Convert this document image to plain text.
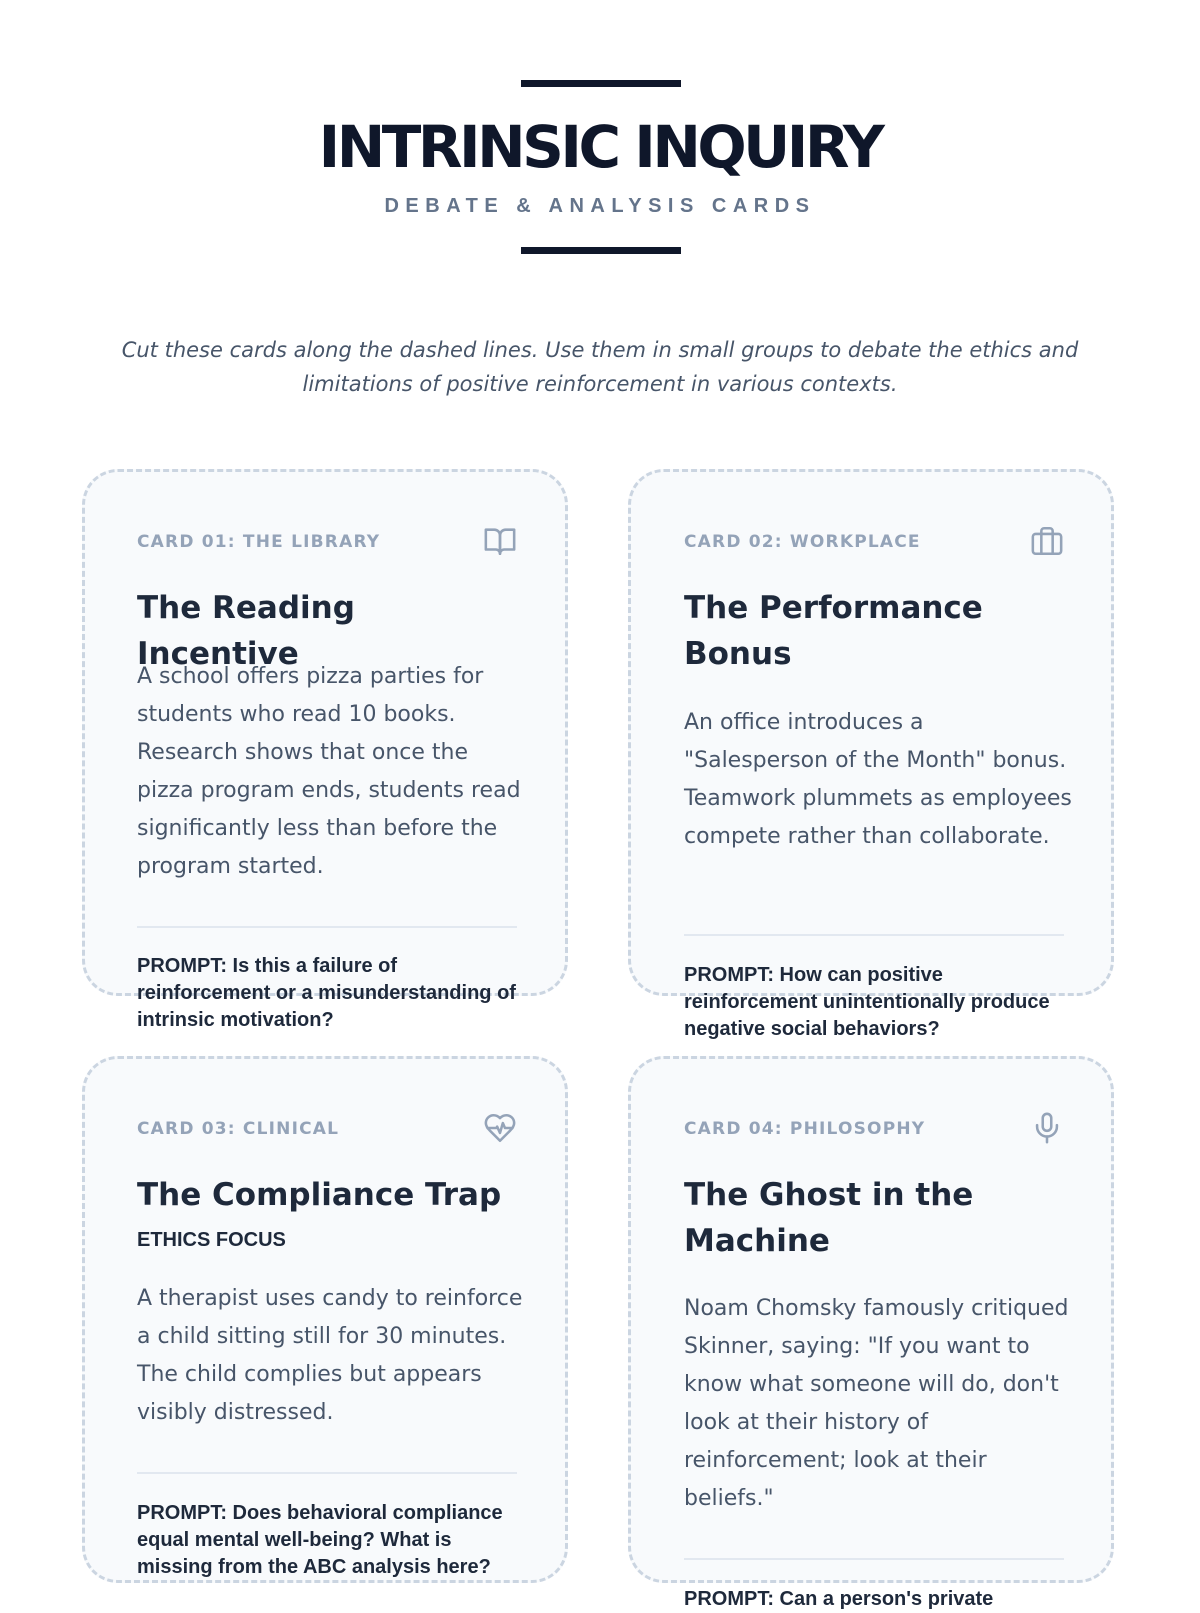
INTRINSIC INQUIRY
DEBATE & ANALYSIS CARDS
Cut these cards along the dashed lines. Use them in small groups to debate the ethics and limitations of positive reinforcement in various contexts.
CARD 01: THE LIBRARY
The Reading Incentive
A school offers pizza parties for students who read 10 books. Research shows that once the pizza program ends, students read significantly less than before the program started.
PROMPT: Is this a failure of reinforcement or a misunderstanding of intrinsic motivation?
CARD 02: WORKPLACE
The Performance Bonus
An office introduces a "Salesperson of the Month" bonus. Teamwork plummets as employees compete rather than collaborate.
PROMPT: How can positive reinforcement unintentionally produce negative social behaviors?
CARD 03: CLINICAL
The Compliance Trap
ETHICS FOCUS
A therapist uses candy to reinforce a child sitting still for 30 minutes. The child complies but appears visibly distressed.
PROMPT: Does behavioral compliance equal mental well-being? What is missing from the ABC analysis here?
CARD 04: PHILOSOPHY
The Ghost in the Machine
Noam Chomsky famously critiqued Skinner, saying: "If you want to know what someone will do, don't look at their history of reinforcement; look at their beliefs."
PROMPT: Can a person's private
